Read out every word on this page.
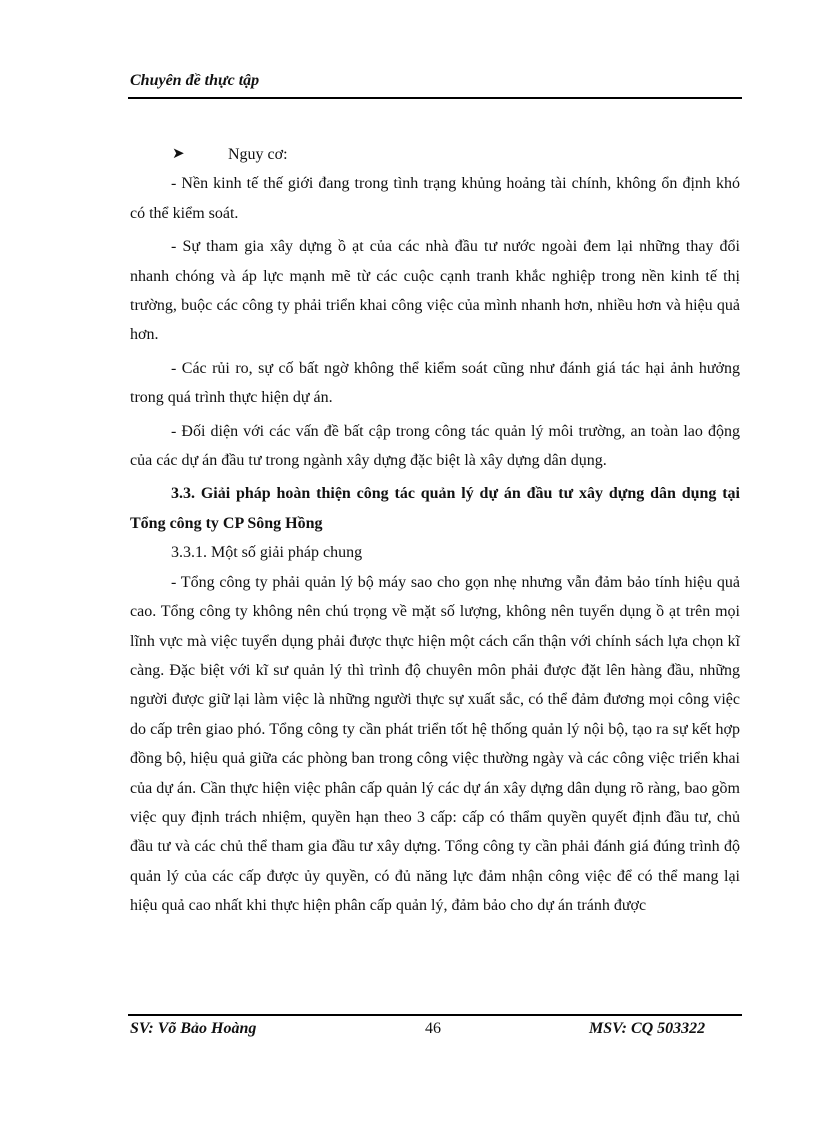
Chuyên đề thực tập
➤	Nguy cơ:

- Nền kinh tế thế giới đang trong tình trạng khủng hoảng tài chính, không ổn định khó có thể kiểm soát.

- Sự tham gia xây dựng ồ ạt của các nhà đầu tư nước ngoài đem lại những thay đổi nhanh chóng và áp lực mạnh mẽ từ các cuộc cạnh tranh khắc nghiệp trong nền kinh tế thị trường, buộc các công ty phải triển khai công việc của mình nhanh hơn, nhiều hơn và hiệu quả hơn.

- Các rủi ro, sự cố bất ngờ không thể kiểm soát cũng như đánh giá tác hại ảnh hưởng trong quá trình thực hiện dự án.

- Đối diện với các vấn đề bất cập trong công tác quản lý môi trường, an toàn lao động của các dự án đầu tư trong ngành xây dựng đặc biệt là xây dựng dân dụng.

3.3. Giải pháp hoàn thiện công tác quản lý dự án đầu tư xây dựng dân dụng tại Tổng công ty CP Sông Hồng

3.3.1. Một số giải pháp chung

- Tổng công ty phải quản lý bộ máy sao cho gọn nhẹ nhưng vẫn đảm bảo tính hiệu quả cao. Tổng công ty không nên chú trọng về mặt số lượng, không nên tuyển dụng ồ ạt trên mọi lĩnh vực mà việc tuyển dụng phải được thực hiện một cách cẩn thận với chính sách lựa chọn kĩ càng. Đặc biệt với kĩ sư quản lý thì trình độ chuyên môn phải được đặt lên hàng đầu, những người được giữ lại làm việc là những người thực sự xuất sắc, có thể đảm đương mọi công việc do cấp trên giao phó. Tổng công ty cần phát triển tốt hệ thống quản lý nội bộ, tạo ra sự kết hợp đồng bộ, hiệu quả giữa các phòng ban trong công việc thường ngày và các công việc triển khai của dự án. Cần thực hiện việc phân cấp quản lý các dự án xây dựng dân dụng rõ ràng, bao gồm việc quy định trách nhiệm, quyền hạn theo 3 cấp: cấp có thẩm quyền quyết định đầu tư, chủ đầu tư và các chủ thể tham gia đầu tư xây dựng. Tổng công ty cần phải đánh giá đúng trình độ quản lý của các cấp được ủy quyền, có đủ năng lực đảm nhận công việc để có thể mang lại hiệu quả cao nhất khi thực hiện phân cấp quản lý, đảm bảo cho dự án tránh được

SV: Võ Bảo Hoàng	46	MSV: CQ 503322
